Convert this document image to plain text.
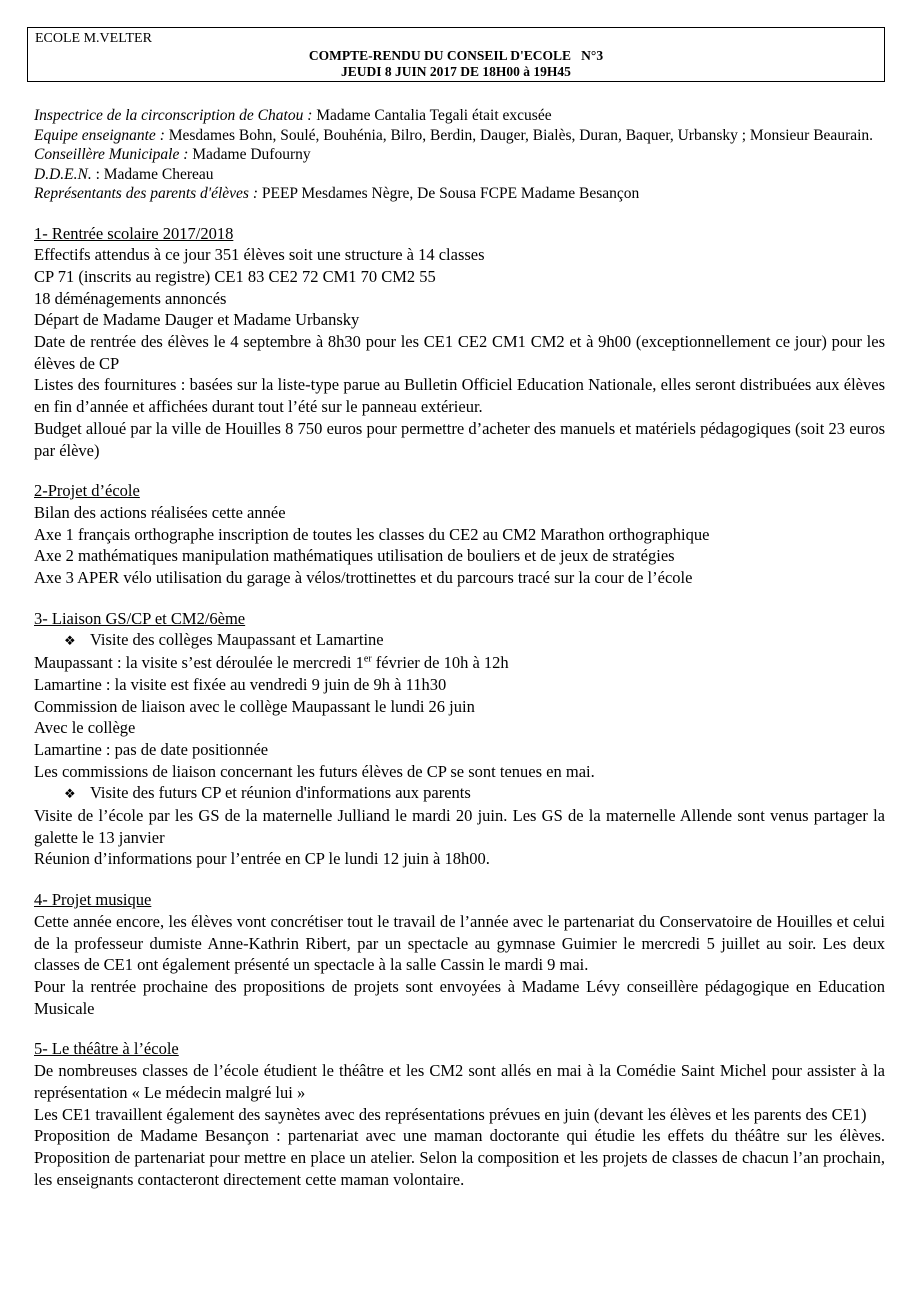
ECOLE M.VELTER
COMPTE-RENDU DU CONSEIL D'ECOLE   N°3
JEUDI 8 JUIN 2017 DE 18H00 à 19H45
Inspectrice de la circonscription de Chatou : Madame Cantalia Tegali était excusée
Equipe enseignante : Mesdames Bohn, Soulé, Bouhénia, Bilro, Berdin, Dauger, Bialès, Duran, Baquer, Urbansky ; Monsieur Beaurain.
Conseillère Municipale : Madame Dufourny
D.D.E.N. : Madame Chereau
Représentants des parents d'élèves : PEEP Mesdames Nègre, De Sousa FCPE Madame Besançon
1- Rentrée scolaire 2017/2018
Effectifs attendus à ce jour 351 élèves soit une structure à 14 classes
CP 71 (inscrits au registre) CE1 83 CE2 72 CM1 70 CM2 55
18 déménagements annoncés
Départ de Madame Dauger et Madame Urbansky
Date de rentrée des élèves le 4 septembre à 8h30 pour les CE1 CE2 CM1 CM2 et à 9h00 (exceptionnellement ce jour) pour les élèves de CP
Listes des fournitures : basées sur la liste-type parue au Bulletin Officiel Education Nationale, elles seront distribuées aux élèves en fin d’année et affichées durant tout l’été sur le panneau extérieur.
Budget alloué par la ville de Houilles 8 750 euros pour permettre d’acheter des manuels et matériels pédagogiques (soit 23 euros par élève)
2-Projet d’école
Bilan des actions réalisées cette année
Axe 1 français orthographe inscription de toutes les classes du CE2 au CM2 Marathon orthographique
Axe 2 mathématiques manipulation mathématiques utilisation de bouliers et de jeux de stratégies
Axe 3 APER vélo utilisation du garage à vélos/trottinettes et du parcours tracé sur la cour de l’école
3- Liaison GS/CP et CM2/6ème
❖ Visite des collèges Maupassant et Lamartine
Maupassant : la visite s’est déroulée le mercredi 1er février de 10h à 12h
Lamartine : la visite est fixée au vendredi 9 juin de 9h à 11h30
Commission de liaison avec le collège Maupassant le lundi 26 juin
Avec le collège
Lamartine : pas de date positionnée
Les commissions de liaison concernant les futurs élèves de CP se sont tenues en mai.
❖ Visite des futurs CP et réunion d'informations aux parents
Visite de l’école par les GS de la maternelle Julliand le mardi 20 juin. Les GS de la maternelle Allende sont venus partager la galette le 13 janvier
Réunion d’informations pour l’entrée en CP le lundi 12 juin à 18h00.
4- Projet musique
Cette année encore, les élèves vont concrétiser tout le travail de l’année avec le partenariat du Conservatoire de Houilles et celui de la professeur dumiste Anne-Kathrin Ribert, par un spectacle au gymnase Guimier le mercredi 5 juillet au soir. Les deux classes de CE1 ont également présenté un spectacle à la salle Cassin le mardi 9 mai.
Pour la rentrée prochaine des propositions de projets sont envoyées à Madame Lévy conseillère pédagogique en Education Musicale
5- Le théâtre à l’école
De nombreuses classes de l’école étudient le théâtre et les CM2 sont allés en mai à la Comédie Saint Michel pour assister à la représentation « Le médecin malgré lui »
Les CE1 travaillent également des saynètes avec des représentations prévues en juin (devant les élèves et les parents des CE1)
Proposition de Madame Besançon : partenariat avec une maman doctorante qui étudie les effets du théâtre sur les élèves. Proposition de partenariat pour mettre en place un atelier. Selon la composition et les projets de classes de chacun l’an prochain, les enseignants contacteront directement cette maman volontaire.
